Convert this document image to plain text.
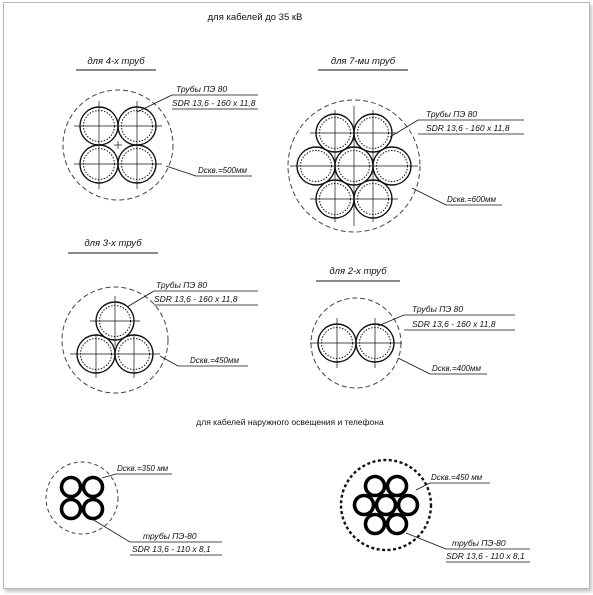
для кабелей до 35 кВ
для 4-х труб
Трубы ПЭ 80
SDR 13,6 - 160 x 11,8
Dскв.=500мм
для 7-ми труб
Трубы ПЭ 80
SDR 13,6 - 160 x 11,8
Dскв.=600мм
для 3-х труб
Трубы ПЭ 80
SDR 13,6 - 160 x 11,8
Dскв.=450мм
для 2-х труб
Трубы ПЭ 80
SDR 13,6 - 160 x 11,8
Dскв.=400мм
для кабелей наружного освещения и телефона
Dскв.=350 мм
трубы ПЭ-80
SDR 13,6 - 110 x 8,1
Dскв.=450 мм
трубы ПЭ-80
SDR 13,6 - 110 x 8,1
